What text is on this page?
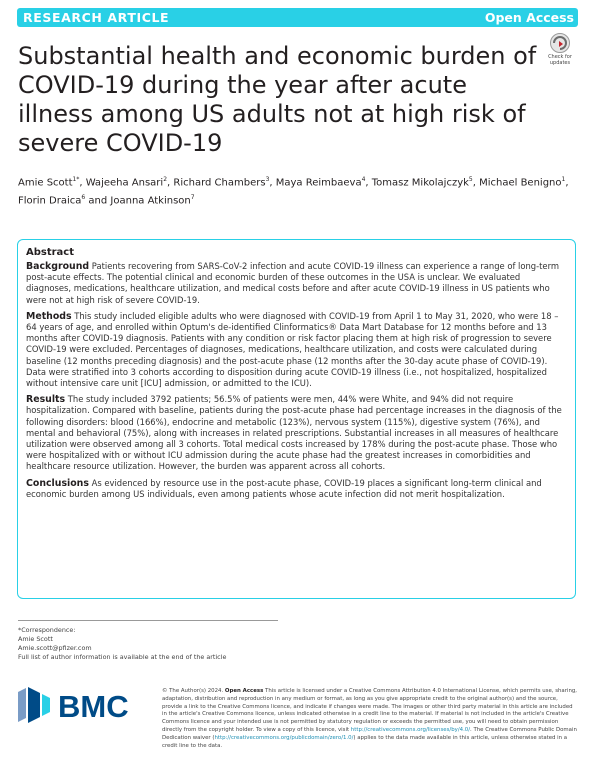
RESEARCH ARTICLE	Open Access
Substantial health and economic burden of COVID-19 during the year after acute illness among US adults not at high risk of severe COVID-19
Check for
updates
Amie Scott$^{1*}$, Wajeeha Ansari$^2$, Richard Chambers$^3$, Maya Reimbaeva$^4$, Tomasz Mikolajczyk$^5$, Michael Benigno$^1$, Florin Draica$^6$ and Joanna Atkinson$^7$
Abstract

Background Patients recovering from SARS-CoV-2 infection and acute COVID-19 illness can experience a range of long-term post-acute effects. The potential clinical and economic burden of these outcomes in the USA is unclear. We evaluated diagnoses, medications, healthcare utilization, and medical costs before and after acute COVID-19 illness in US patients who were not at high risk of severe COVID-19.

Methods This study included eligible adults who were diagnosed with COVID-19 from April 1 to May 31, 2020, who were 18 – 64 years of age, and enrolled within Optum's de-identified Clinformatics® Data Mart Database for 12 months before and 13 months after COVID-19 diagnosis. Patients with any condition or risk factor placing them at high risk of progression to severe COVID-19 were excluded. Percentages of diagnoses, medications, healthcare utilization, and costs were calculated during baseline (12 months preceding diagnosis) and the post-acute phase (12 months after the 30-day acute phase of COVID-19). Data were stratified into 3 cohorts according to disposition during acute COVID-19 illness (i.e., not hospitalized, hospitalized without intensive care unit [ICU] admission, or admitted to the ICU).

Results The study included 3792 patients; 56.5% of patients were men, 44% were White, and 94% did not require hospitalization. Compared with baseline, patients during the post-acute phase had percentage increases in the diagnosis of the following disorders: blood (166%), endocrine and metabolic (123%), nervous system (115%), digestive system (76%), and mental and behavioral (75%), along with increases in related prescriptions. Substantial increases in all measures of healthcare utilization were observed among all 3 cohorts. Total medical costs increased by 178% during the post-acute phase. Those who were hospitalized with or without ICU admission during the acute phase had the greatest increases in comorbidities and healthcare resource utilization. However, the burden was apparent across all cohorts.

Conclusions As evidenced by resource use in the post-acute phase, COVID-19 places a significant long-term clinical and economic burden among US individuals, even among patients whose acute infection did not merit hospitalization.

*Correspondence:
Amie Scott
Amie.scott@pfizer.com
Full list of author information is available at the end of the article
BMC	© The Author(s) 2024. Open Access This article is licensed under a Creative Commons Attribution 4.0 International License, which permits use, sharing, adaptation, distribution and reproduction in any medium or format, as long as you give appropriate credit to the original author(s) and the source, provide a link to the Creative Commons licence, and indicate if changes were made. The images or other third party material in this article are included in the article's Creative Commons licence, unless indicated otherwise in a credit line to the material. If material is not included in the article's Creative Commons licence and your intended use is not permitted by statutory regulation or exceeds the permitted use, you will need to obtain permission directly from the copyright holder. To view a copy of this licence, visit http://creativecommons.org/licenses/by/4.0/. The Creative Commons Public Domain Dedication waiver (http://creativecommons.org/publicdomain/zero/1.0/) applies to the data made available in this article, unless otherwise stated in a credit line to the data.
